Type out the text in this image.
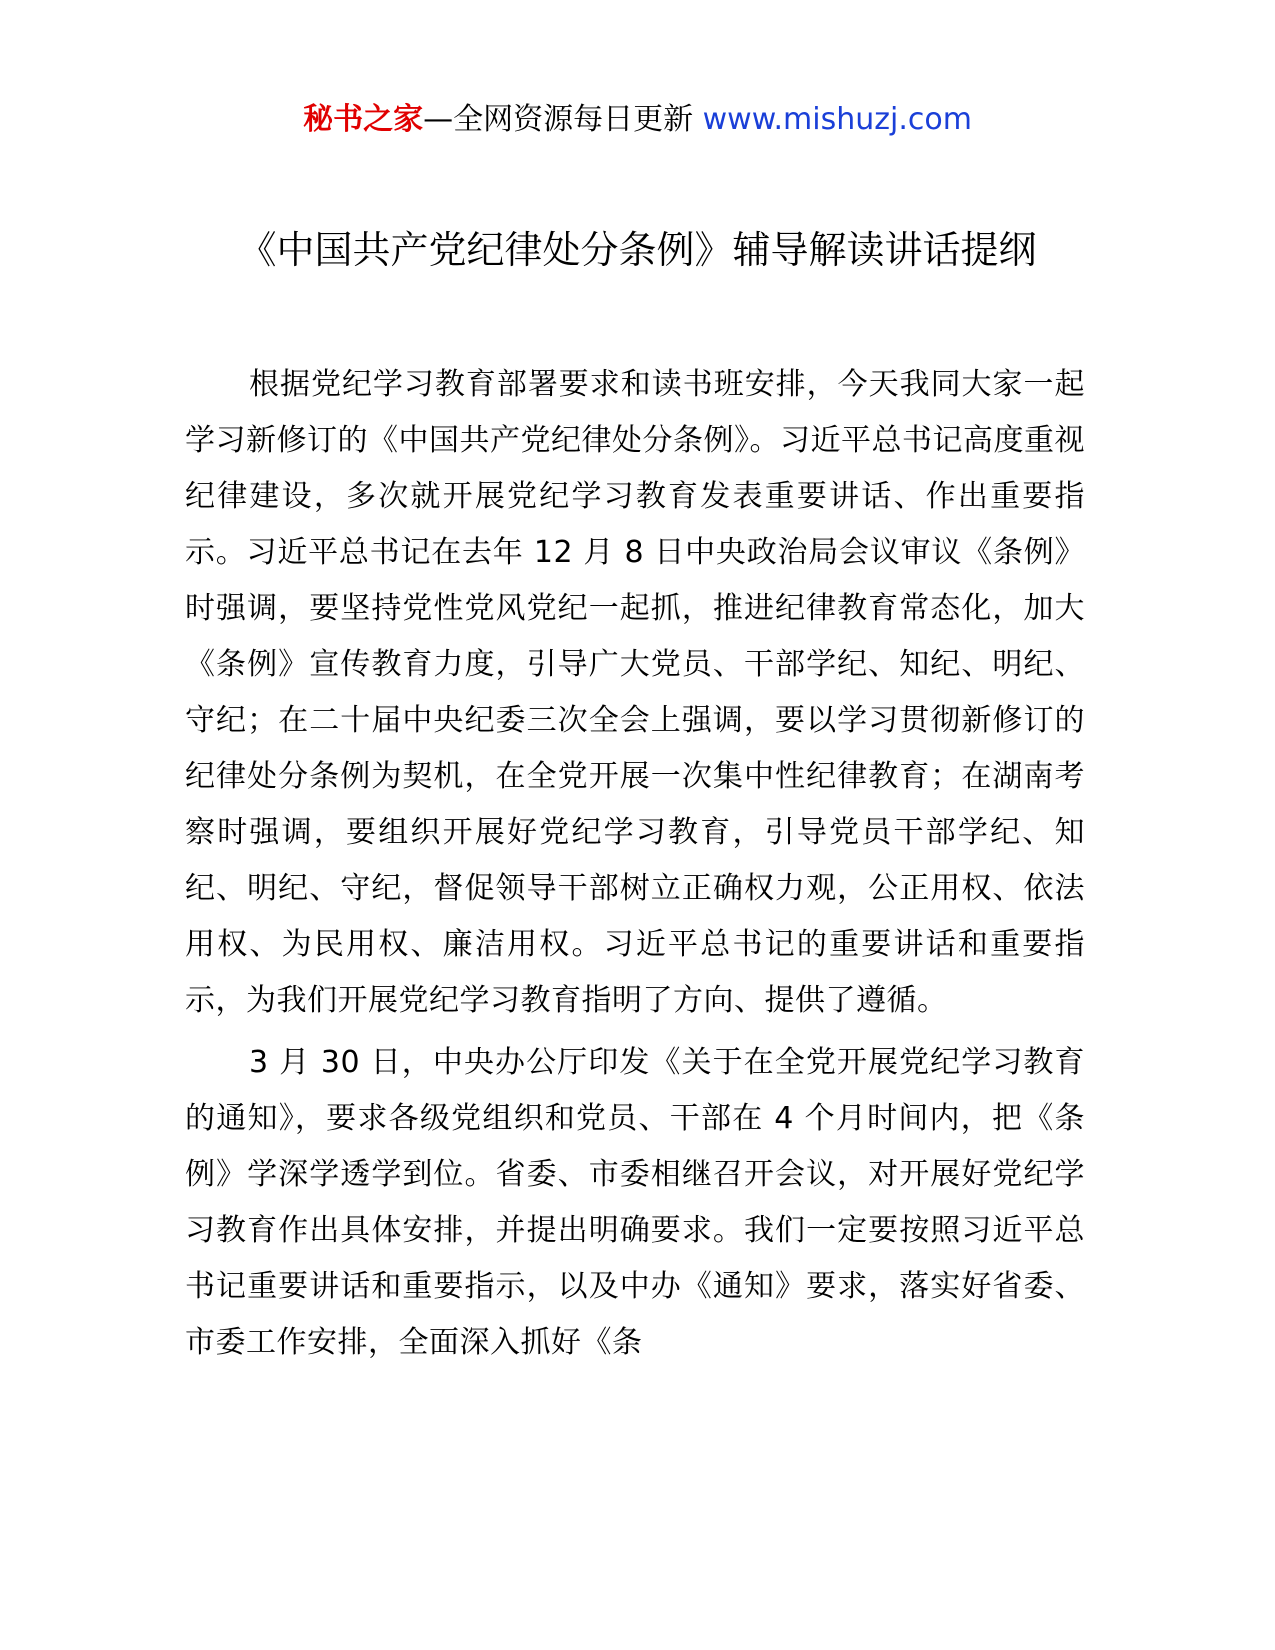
秘书之家—全网资源每日更新 www.mishuzj.com
《中国共产党纪律处分条例》辅导解读讲话提纲

根据党纪学习教育部署要求和读书班安排，今天我同大家一起学习新修订的《中国共产党纪律处分条例》。习近平总书记高度重视纪律建设，多次就开展党纪学习教育发表重要讲话、作出重要指示。习近平总书记在去年 12 月 8 日中央政治局会议审议《条例》时强调，要坚持党性党风党纪一起抓，推进纪律教育常态化，加大《条例》宣传教育力度，引导广大党员、干部学纪、知纪、明纪、守纪；在二十届中央纪委三次全会上强调，要以学习贯彻新修订的纪律处分条例为契机，在全党开展一次集中性纪律教育；在湖南考察时强调，要组织开展好党纪学习教育，引导党员干部学纪、知纪、明纪、守纪，督促领导干部树立正确权力观，公正用权、依法用权、为民用权、廉洁用权。习近平总书记的重要讲话和重要指示，为我们开展党纪学习教育指明了方向、提供了遵循。

3 月 30 日，中央办公厅印发《关于在全党开展党纪学习教育的通知》，要求各级党组织和党员、干部在 4 个月时间内，把《条例》学深学透学到位。省委、市委相继召开会议，对开展好党纪学习教育作出具体安排，并提出明确要求。我们一定要按照习近平总书记重要讲话和重要指示，以及中办《通知》要求，落实好省委、市委工作安排，全面深入抓好《条
